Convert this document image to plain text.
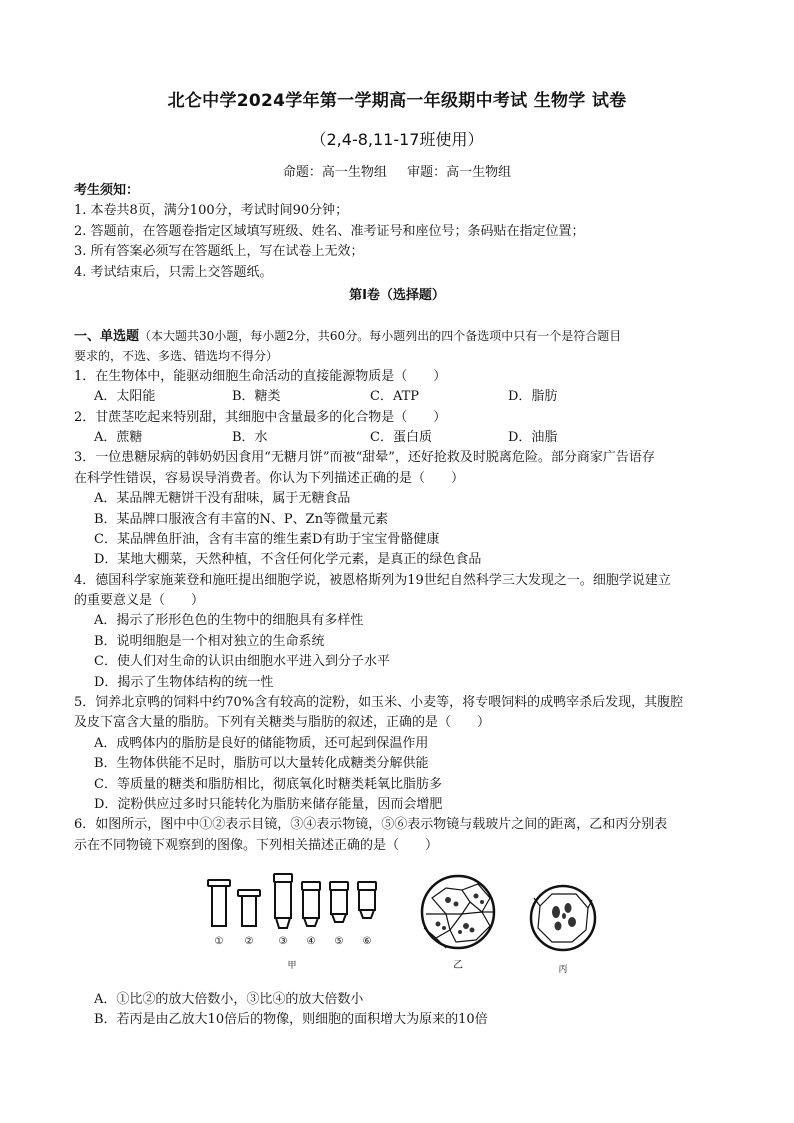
北仑中学2024学年第一学期高一年级期中考试 生物学 试卷
（2,4-8,11-17班使用）
命题：高一生物组 审题：高一生物组
考生须知：
1. 本卷共8页，满分100分，考试时间90分钟；
2. 答题前，在答题卷指定区域填写班级、姓名、准考证号和座位号；条码贴在指定位置；
3. 所有答案必须写在答题纸上，写在试卷上无效；
4. 考试结束后，只需上交答题纸。
第Ⅰ卷（选择题）
一、单选题（本大题共30小题，每小题2分，共60分。每小题列出的四个备选项中只有一个是符合题目
要求的，不选、多选、错选均不得分）
1．在生物体中，能驱动细胞生命活动的直接能源物质是（　　）
A．太阳能	B．糖类	C．ATP	D．脂肪
2．甘蔗茎吃起来特别甜，其细胞中含量最多的化合物是（　　）
A．蔗糖	B．水	C．蛋白质	D．油脂
3．一位患糖尿病的韩奶奶因食用“无糖月饼”而被“甜晕”，还好抢救及时脱离危险。部分商家广告语存
在科学性错误，容易误导消费者。你认为下列描述正确的是（　　）
A．某品牌无糖饼干没有甜味，属于无糖食品
B．某品牌口服液含有丰富的N、P、Zn等微量元素
C．某品牌鱼肝油，含有丰富的维生素D有助于宝宝骨骼健康
D．某地大棚菜，天然种植，不含任何化学元素，是真正的绿色食品
4．德国科学家施莱登和施旺提出细胞学说，被恩格斯列为19世纪自然科学三大发现之一。细胞学说建立
的重要意义是（　　）
A．揭示了形形色色的生物中的细胞具有多样性
B．说明细胞是一个相对独立的生命系统
C．使人们对生命的认识由细胞水平进入到分子水平
D．揭示了生物体结构的统一性
5．饲养北京鸭的饲料中约70%含有较高的淀粉，如玉米、小麦等，将专喂饲料的成鸭宰杀后发现，其腹腔
及皮下富含大量的脂肪。下列有关糖类与脂肪的叙述，正确的是（　　）
A．成鸭体内的脂肪是良好的储能物质，还可起到保温作用
B．生物体供能不足时，脂肪可以大量转化成糖类分解供能
C．等质量的糖类和脂肪相比，彻底氧化时糖类耗氧比脂肪多
D．淀粉供应过多时只能转化为脂肪来储存能量，因而会增肥
6．如图所示，图中中①②表示目镜，③④表示物镜，⑤⑥表示物镜与载玻片之间的距离，乙和丙分别表
示在不同物镜下观察到的图像。下列相关描述正确的是（　　）
① ②	③ ④ ⑤ ⑥
甲	乙	丙
A．①比②的放大倍数小，③比④的放大倍数小
B．若丙是由乙放大10倍后的物像，则细胞的面积增大为原来的10倍
